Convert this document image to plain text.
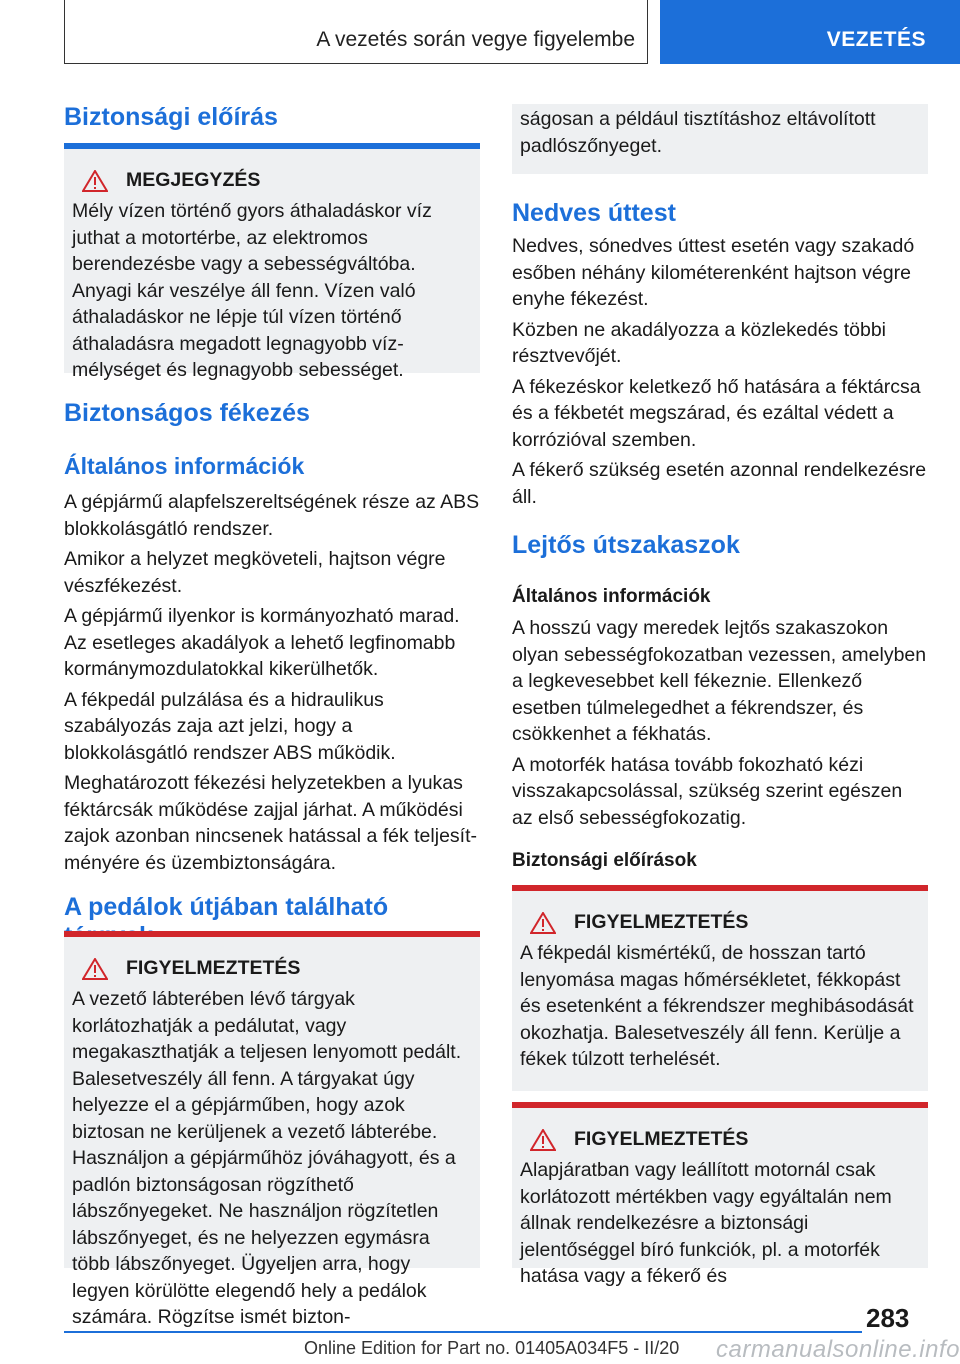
A vezetés során vegye figyelembe	VEZETÉS
Biztonsági előírás
MEGJEGYZÉS

Mély vízen történő gyors áthaladáskor víz juthat a motortérbe, az elektromos berendezésbe vagy a sebességváltóba. Anyagi kár veszélye áll fenn. Vízen való áthaladáskor ne lépje túl vízen történő áthaladásra megadott legnagyobb vízmélységet és legnagyobb sebességet.

Biztonságos fékezés
Általános információk

A gépjármű alapfelszereltségének része az ABS blokkolásgátló rendszer.

Amikor a helyzet megköveteli, hajtson végre vészfékezést.

A gépjármű ilyenkor is kormányozható marad. Az esetleges akadályok a lehető legfinomabb kormánymozdulatokkal kikerülhetők.

A fékpedál pulzálása és a hidraulikus szabályozás zaja azt jelzi, hogy a blokkolásgátló rendszer ABS működik.

Meghatározott fékezési helyzetekben a lyukas féktárcsák működése zajjal járhat. A működési zajok azonban nincsenek hatással a fék teljesítményére és üzembiztonságára.

A pedálok útjában található
FIGYELMEZTETÉS

A vezető lábterében lévő tárgyak korlátozhatják a pedálutat, vagy megakaszthatják a teljesen lenyomott pedált. Balesetveszély áll fenn. A tárgyakat úgy helyezze el a gépjárműben, hogy azok biztosan ne kerüljenek a vezető lábterébe. Használjon a gépjárműhöz jóváhagyott, és a padlón biztonságosan rögzíthető lábszőnyegeket. Ne használjon rögzítetlen lábszőnyeget, és ne helyezzen egymásra több lábszőnyeget. Ügyeljen arra, hogy legyen körülötte elegendő hely a pedálok számára. Rögzítse ismét bizton-

ságosan a például tisztításhoz eltávolított padlószőnyeget.

Nedves úttest

Nedves, sónedves úttest esetén vagy szakadó esőben néhány kilométerenként hajtson végre enyhe fékezést.

Közben ne akadályozza a közlekedés többi résztvevőjét.

A fékezéskor keletkező hő hatására a féktárcsa és a fékbetét megszárad, és ezáltal védett a korrózióval szemben.

A fékerő szükség esetén azonnal rendelkezésre áll.

Lejtős útszakaszok
Általános információk

A hosszú vagy meredek lejtős szakaszokon olyan sebességfokozatban vezessen, amelyben a legkevesebbet kell fékeznie. Ellenkező esetben túlmelegedhet a fékrendszer, és csökkenhet a fékhatás.

A motorfék hatása tovább fokozható kézi visszakapcsolással, szükség szerint egészen az első sebességfokozatig.

Biztonsági előírások
FIGYELMEZTETÉS

A fékpedál kismértékű, de hosszan tartó lenyomása magas hőmérsékletet, fékkopást és esetenként a fékrendszer meghibásodását okozhatja. Balesetveszély áll fenn. Kerülje a fékek túlzott terhelését.

FIGYELMEZTETÉS

Alapjáratban vagy leállított motornál csak korlátozott mértékben vagy egyáltalán nem állnak rendelkezésre a biztonsági jelentőséggel bíró funkciók, pl. a motorfék hatása vagy a fékerő és

283
Online Edition for Part no. 01405A034F5 - II/20 carmanualsonline.info
